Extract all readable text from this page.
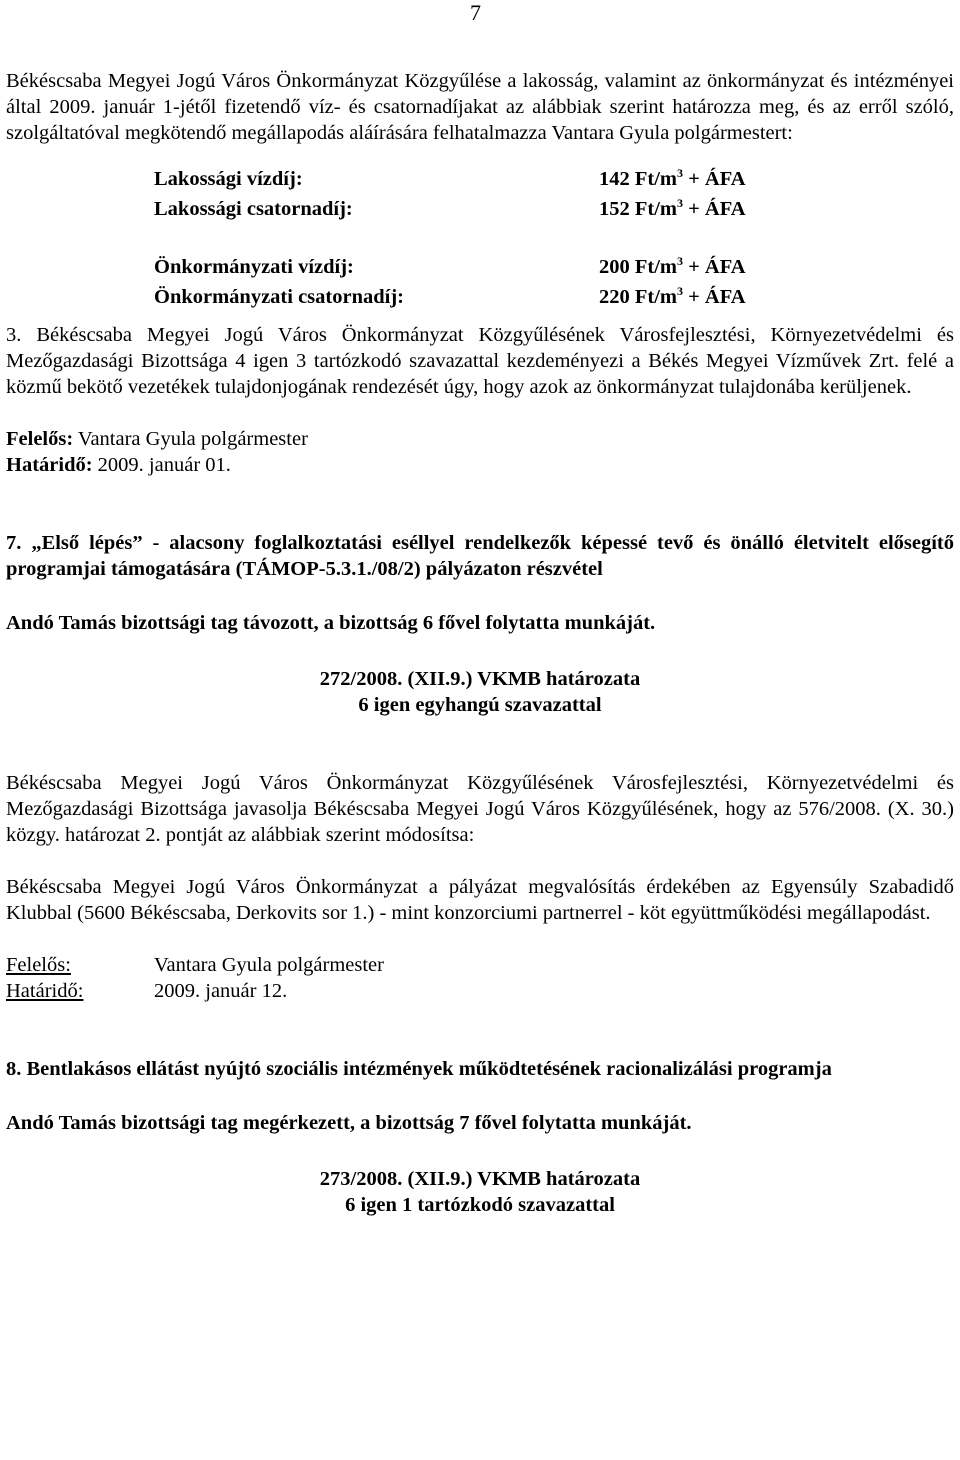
7

Békéscsaba Megyei Jogú Város Önkormányzat Közgyűlése a lakosság, valamint az önkormányzat és intézményei által 2009. január 1-jétől fizetendő víz- és csatornadíjakat az alábbiak szerint határozza meg, és az erről szóló, szolgáltatóval megkötendő megállapodás aláírására felhatalmazza Vantara Gyula polgármestert:

Lakossági vízdíj:	142 $Ft/m^3$ + ÁFA
Lakossági csatornadíj:	152 $Ft/m^3$ + ÁFA
Önkormányzati vízdíj:	200 $Ft/m^3$ + ÁFA
Önkormányzati csatornadíj:	220 $Ft/m^3$ + ÁFA

3. Békéscsaba Megyei Jogú Város Önkormányzat Közgyűlésének Városfejlesztési, Környezetvédelmi és Mezőgazdasági Bizottsága 4 igen 3 tartózkodó szavazattal kezdeményezi a Békés Megyei Vízművek Zrt. felé a közmű bekötő vezetékek tulajdonjogának rendezését úgy, hogy azok az önkormányzat tulajdonába kerüljenek.

Felelős: Vantara Gyula polgármester
Határidő: 2009. január 01.

7. „Első lépés” - alacsony foglalkoztatási eséllyel rendelkezők képessé tevő és önálló életvitelt elősegítő programjai támogatására (TÁMOP-5.3.1./08/2) pályázaton részvétel

Andó Tamás bizottsági tag távozott, a bizottság 6 fővel folytatta munkáját.

272/2008. (XII.9.) VKMB határozata
6 igen egyhangú szavazattal

Békéscsaba Megyei Jogú Város Önkormányzat Közgyűlésének Városfejlesztési, Környezetvédelmi és Mezőgazdasági Bizottsága javasolja Békéscsaba Megyei Jogú Város Közgyűlésének, hogy az 576/2008. (X. 30.) közgy. határozat 2. pontját az alábbiak szerint módosítsa:

Békéscsaba Megyei Jogú Város Önkormányzat a pályázat megvalósítás érdekében az Egyensúly Szabadidő Klubbal (5600 Békéscsaba, Derkovits sor 1.) - mint konzorciumi partnerrel - köt együttműködési megállapodást.

Felelős:	Vantara Gyula polgármester
Határidő:	2009. január 12.

8. Bentlakásos ellátást nyújtó szociális intézmények működtetésének racionalizálási programja

Andó Tamás bizottsági tag megérkezett, a bizottság 7 fővel folytatta munkáját.

273/2008. (XII.9.) VKMB határozata
6 igen 1 tartózkodó szavazattal
